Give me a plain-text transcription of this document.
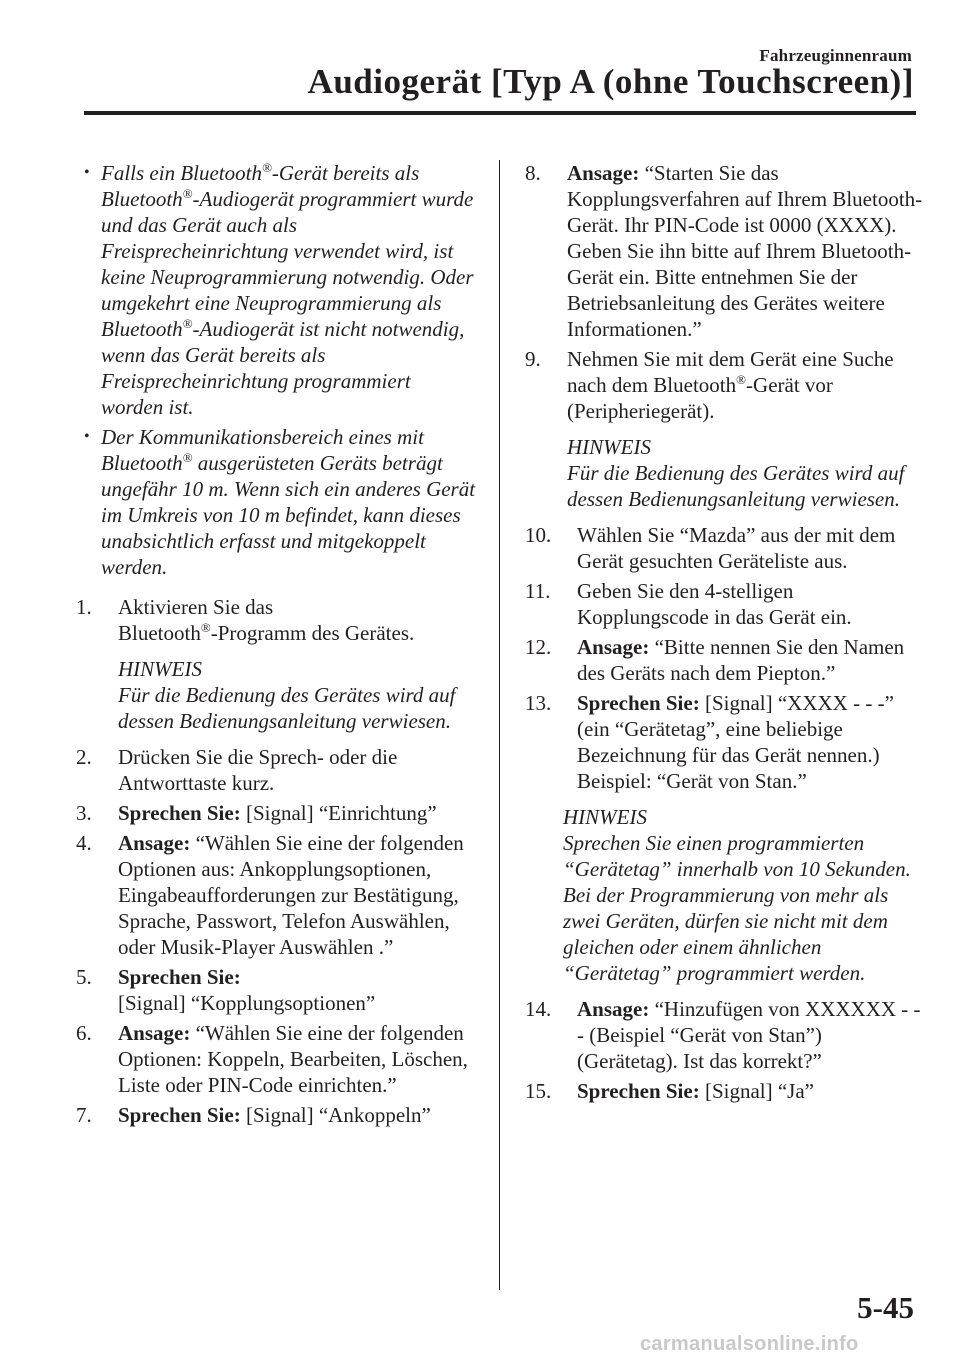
Fahrzeuginnenraum
Audiogerät [Typ A (ohne Touchscreen)]
• Falls ein Bluetooth®-Gerät bereits als Bluetooth®-Audiogerät programmiert wurde und das Gerät auch als Freisprecheinrichtung verwendet wird, ist keine Neuprogrammierung notwendig. Oder umgekehrt eine Neuprogrammierung als Bluetooth®-Audiogerät ist nicht notwendig, wenn das Gerät bereits als Freisprecheinrichtung programmiert worden ist.
• Der Kommunikationsbereich eines mit Bluetooth® ausgerüsteten Geräts beträgt ungefähr 10 m. Wenn sich ein anderes Gerät im Umkreis von 10 m befindet, kann dieses unabsichtlich erfasst und mitgekoppelt werden.
1. Aktivieren Sie das
Bluetooth®-Programm des Gerätes.
HINWEIS
Für die Bedienung des Gerätes wird auf dessen Bedienungsanleitung verwiesen.
2. Drücken Sie die Sprech- oder die Antworttaste kurz.
3. Sprechen Sie: [Signal] “Einrichtung”
4. Ansage: “Wählen Sie eine der folgenden Optionen aus: Ankopplungsoptionen, Eingabeaufforderungen zur Bestätigung, Sprache, Passwort, Telefon Auswählen, oder Musik-Player Auswählen .”
5. Sprechen Sie:
[Signal] “Kopplungsoptionen”
6. Ansage: “Wählen Sie eine der folgenden Optionen: Koppeln, Bearbeiten, Löschen, Liste oder PIN-Code einrichten.”
7. Sprechen Sie: [Signal] “Ankoppeln”
8. Ansage: “Starten Sie das Kopplungsverfahren auf Ihrem Bluetooth- Gerät. Ihr PIN-Code ist 0000 (XXXX). Geben Sie ihn bitte auf Ihrem Bluetooth-Gerät ein. Bitte entnehmen Sie der Betriebsanleitung des Gerätes weitere Informationen.”
9. Nehmen Sie mit dem Gerät eine Suche nach dem Bluetooth®-Gerät vor (Peripheriegerät).
HINWEIS
Für die Bedienung des Gerätes wird auf dessen Bedienungsanleitung verwiesen.
10. Wählen Sie “Mazda” aus der mit dem Gerät gesuchten Geräteliste aus.
11. Geben Sie den 4-stelligen Kopplungscode in das Gerät ein.
12. Ansage: “Bitte nennen Sie den Namen des Geräts nach dem Piepton.”
13. Sprechen Sie: [Signal] “XXXX - - -” (ein “Gerätetag”, eine beliebige Bezeichnung für das Gerät nennen.) Beispiel: “Gerät von Stan.”
HINWEIS
Sprechen Sie einen programmierten “Gerätetag” innerhalb von 10 Sekunden. Bei der Programmierung von mehr als zwei Geräten, dürfen sie nicht mit dem gleichen oder einem ähnlichen “Gerätetag” programmiert werden.
14. Ansage: “Hinzufügen von XXXXXX - - - (Beispiel “Gerät von Stan”) (Gerätetag). Ist das korrekt?”
15. Sprechen Sie: [Signal] “Ja”
5-45
carmanualsonline.info
